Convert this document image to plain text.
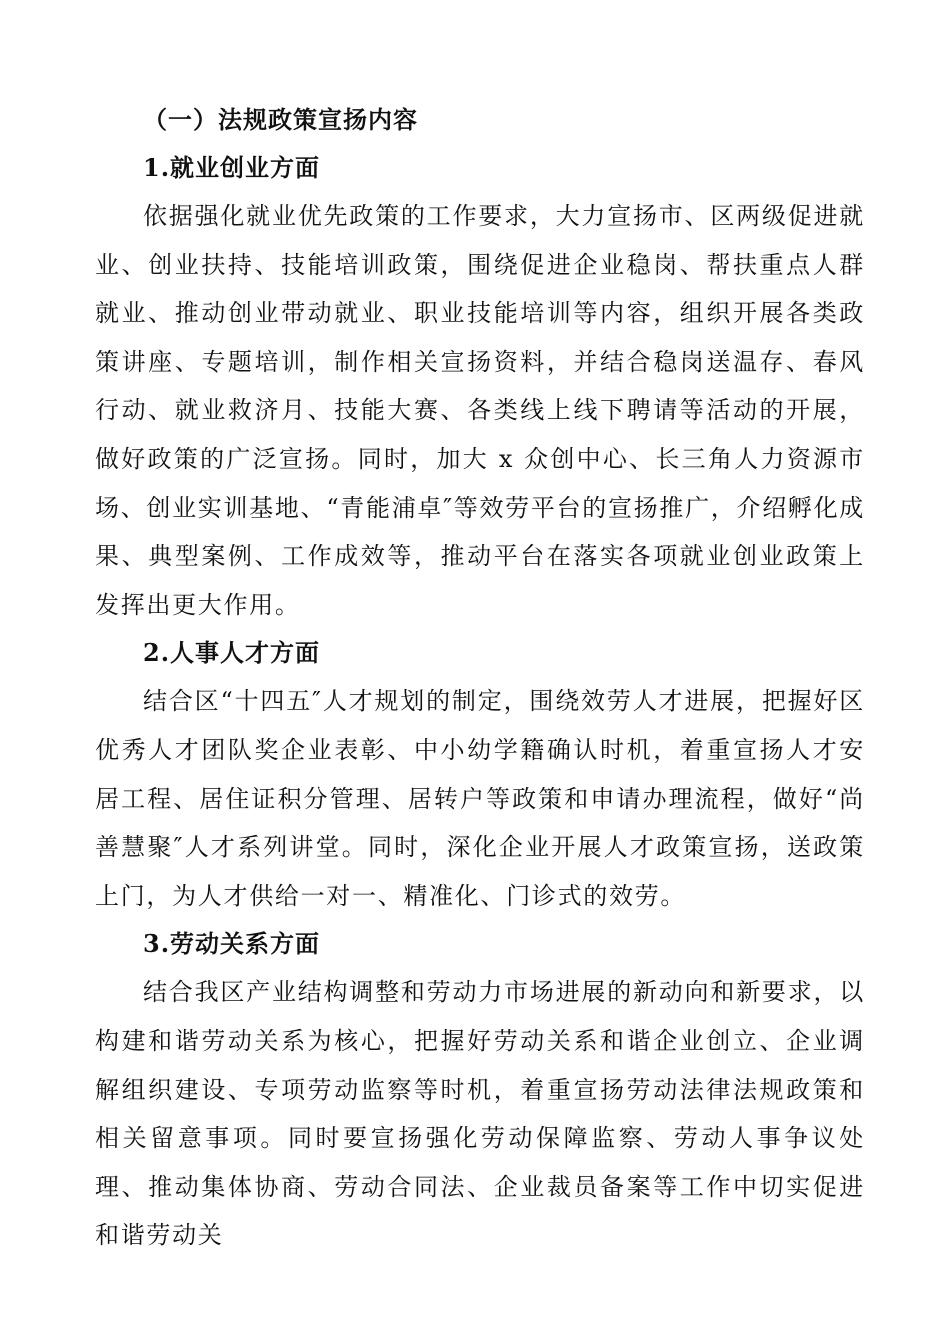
（一）法规政策宣扬内容

1.就业创业方面

依据强化就业优先政策的工作要求，大力宣扬市、区两级促进就业、创业扶持、技能培训政策，围绕促进企业稳岗、帮扶重点人群就业、推动创业带动就业、职业技能培训等内容，组织开展各类政策讲座、专题培训，制作相关宣扬资料，并结合稳岗送温存、春风行动、就业救济月、技能大赛、各类线上线下聘请等活动的开展，做好政策的广泛宣扬。同时，加大 x 众创中心、长三角人力资源市场、创业实训基地、“青能浦卓″等效劳平台的宣扬推广，介绍孵化成果、典型案例、工作成效等，推动平台在落实各项就业创业政策上发挥出更大作用。

2.人事人才方面

结合区“十四五″人才规划的制定，围绕效劳人才进展，把握好区优秀人才团队奖企业表彰、中小幼学籍确认时机，着重宣扬人才安居工程、居住证积分管理、居转户等政策和申请办理流程，做好“尚善慧聚″人才系列讲堂。同时，深化企业开展人才政策宣扬，送政策上门，为人才供给一对一、精准化、门诊式的效劳。

3.劳动关系方面

结合我区产业结构调整和劳动力市场进展的新动向和新要求，以构建和谐劳动关系为核心，把握好劳动关系和谐企业创立、企业调解组织建设、专项劳动监察等时机，着重宣扬劳动法律法规政策和相关留意事项。同时要宣扬强化劳动保障监察、劳动人事争议处理、推动集体协商、劳动合同法、企业裁员备案等工作中切实促进和谐劳动关
